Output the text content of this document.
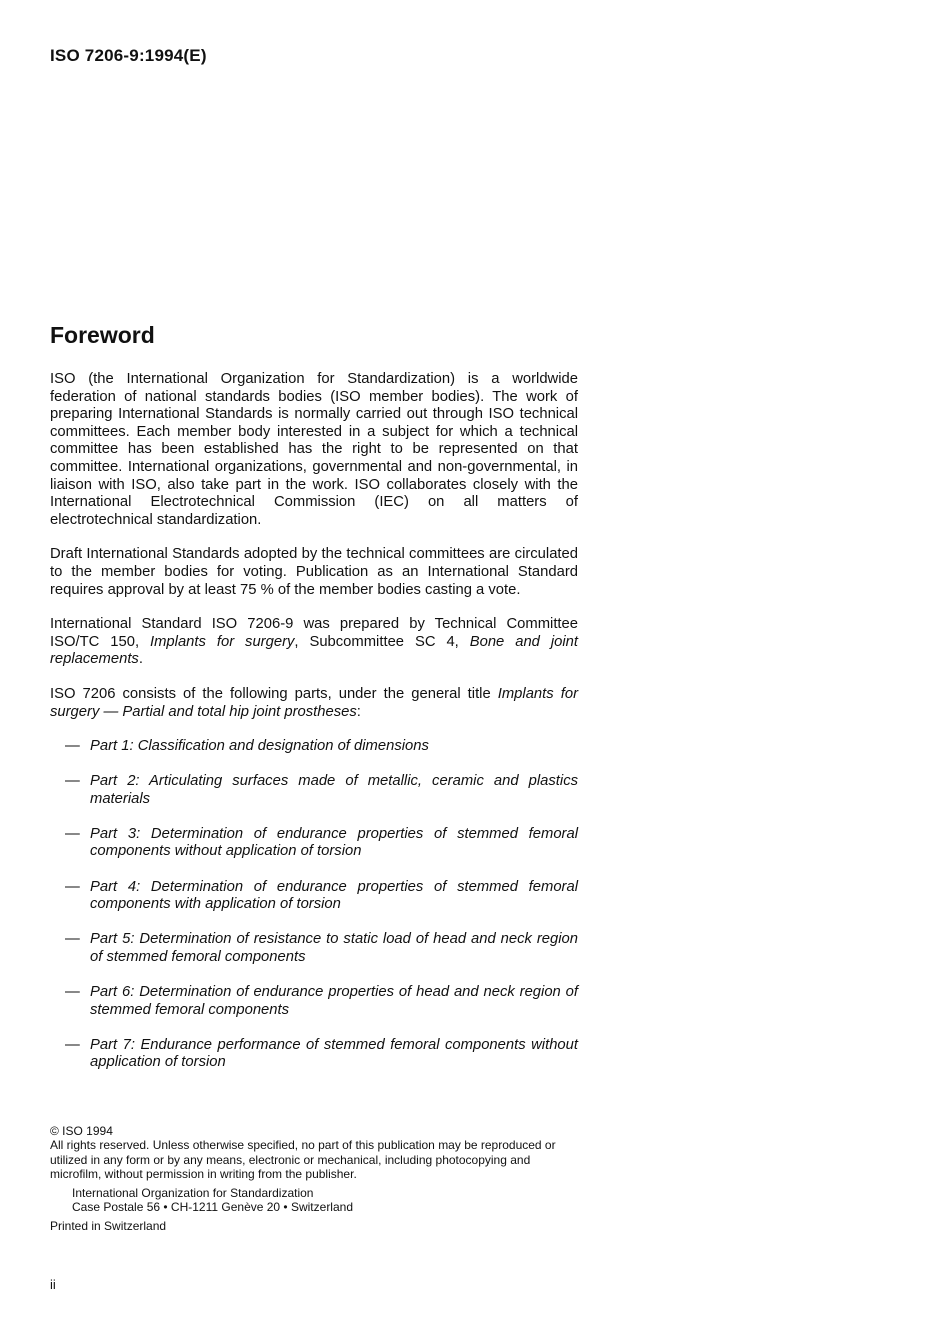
ISO 7206-9:1994(E)
Foreword

ISO (the International Organization for Standardization) is a worldwide federation of national standards bodies (ISO member bodies). The work of preparing International Standards is normally carried out through ISO technical committees. Each member body interested in a subject for which a technical committee has been established has the right to be represented on that committee. International organizations, governmental and non-governmental, in liaison with ISO, also take part in the work. ISO collaborates closely with the International Electrotechnical Commission (IEC) on all matters of electrotechnical standardization.

Draft International Standards adopted by the technical committees are circulated to the member bodies for voting. Publication as an International Standard requires approval by at least 75 % of the member bodies casting a vote.

International Standard ISO 7206-9 was prepared by Technical Committee ISO/TC 150, Implants for surgery, Subcommittee SC 4, Bone and joint replacements.

ISO 7206 consists of the following parts, under the general title Implants for surgery — Partial and total hip joint prostheses:

— Part 1: Classification and designation of dimensions
— Part 2: Articulating surfaces made of metallic, ceramic and plastics materials
— Part 3: Determination of endurance properties of stemmed femoral components without application of torsion
— Part 4: Determination of endurance properties of stemmed femoral components with application of torsion
— Part 5: Determination of resistance to static load of head and neck region of stemmed femoral components
— Part 6: Determination of endurance properties of head and neck region of stemmed femoral components
— Part 7: Endurance performance of stemmed femoral components without application of torsion

© ISO 1994

All rights reserved. Unless otherwise specified, no part of this publication may be reproduced or utilized in any form or by any means, electronic or mechanical, including photocopying and microfilm, without permission in writing from the publisher.

International Organization for Standardization

Case Postale 56 • CH-1211 Genève 20 • Switzerland

Printed in Switzerland

ii
